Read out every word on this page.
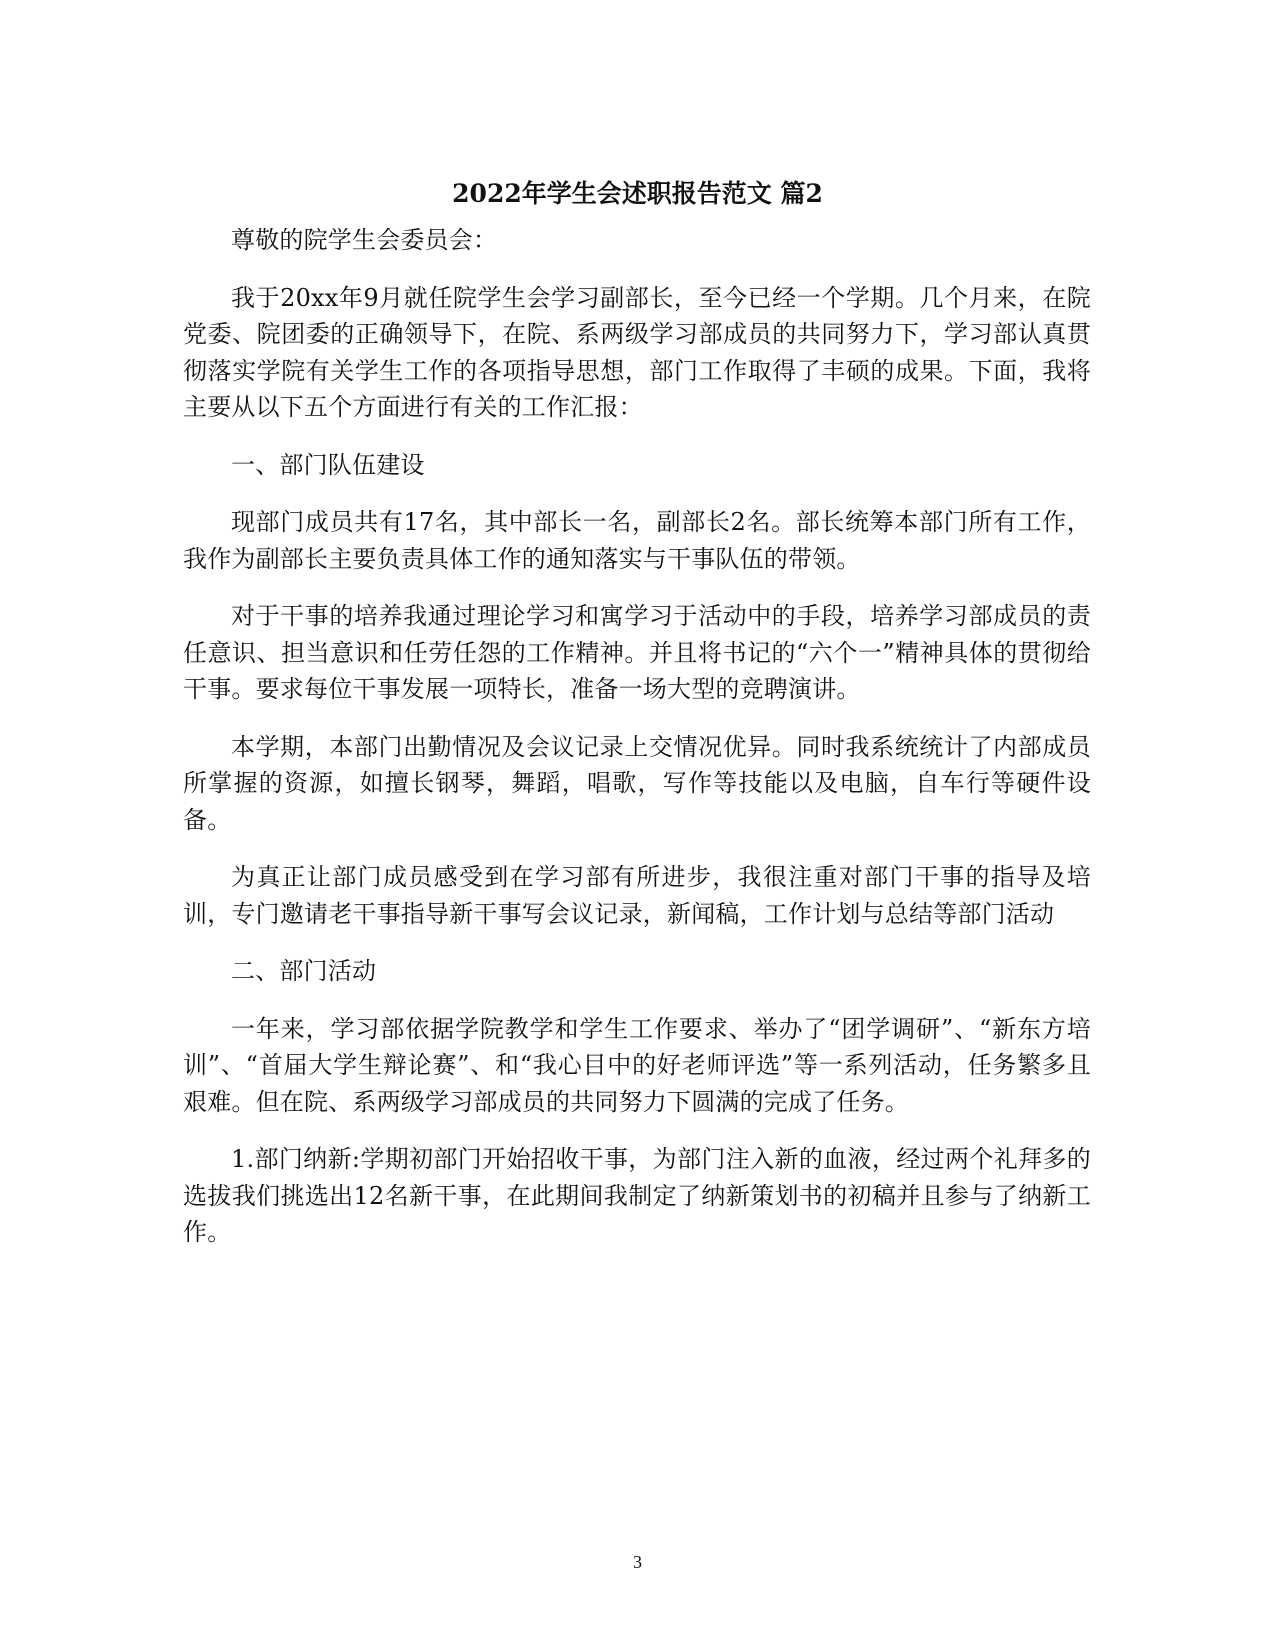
2022年学生会述职报告范文 篇2

尊敬的院学生会委员会：

我于20xx年9月就任院学生会学习副部长，至今已经一个学期。几个月来，在院党委、院团委的正确领导下，在院、系两级学习部成员的共同努力下，学习部认真贯彻落实学院有关学生工作的各项指导思想，部门工作取得了丰硕的成果。下面，我将主要从以下五个方面进行有关的工作汇报：

一、部门队伍建设

现部门成员共有17名，其中部长一名，副部长2名。部长统筹本部门所有工作，我作为副部长主要负责具体工作的通知落实与干事队伍的带领。

对于干事的培养我通过理论学习和寓学习于活动中的手段，培养学习部成员的责任意识、担当意识和任劳任怨的工作精神。并且将书记的“六个一”精神具体的贯彻给干事。要求每位干事发展一项特长，准备一场大型的竞聘演讲。

本学期，本部门出勤情况及会议记录上交情况优异。同时我系统统计了内部成员所掌握的资源，如擅长钢琴，舞蹈，唱歌，写作等技能以及电脑，自车行等硬件设备。

为真正让部门成员感受到在学习部有所进步，我很注重对部门干事的指导及培训，专门邀请老干事指导新干事写会议记录，新闻稿，工作计划与总结等部门活动

二、部门活动

一年来，学习部依据学院教学和学生工作要求、举办了“团学调研”、“新东方培训”、“首届大学生辩论赛”、和“我心目中的好老师评选”等一系列活动，任务繁多且艰难。但在院、系两级学习部成员的共同努力下圆满的完成了任务。

1.部门纳新:学期初部门开始招收干事，为部门注入新的血液，经过两个礼拜多的选拔我们挑选出12名新干事，在此期间我制定了纳新策划书的初稿并且参与了纳新工作。

3
